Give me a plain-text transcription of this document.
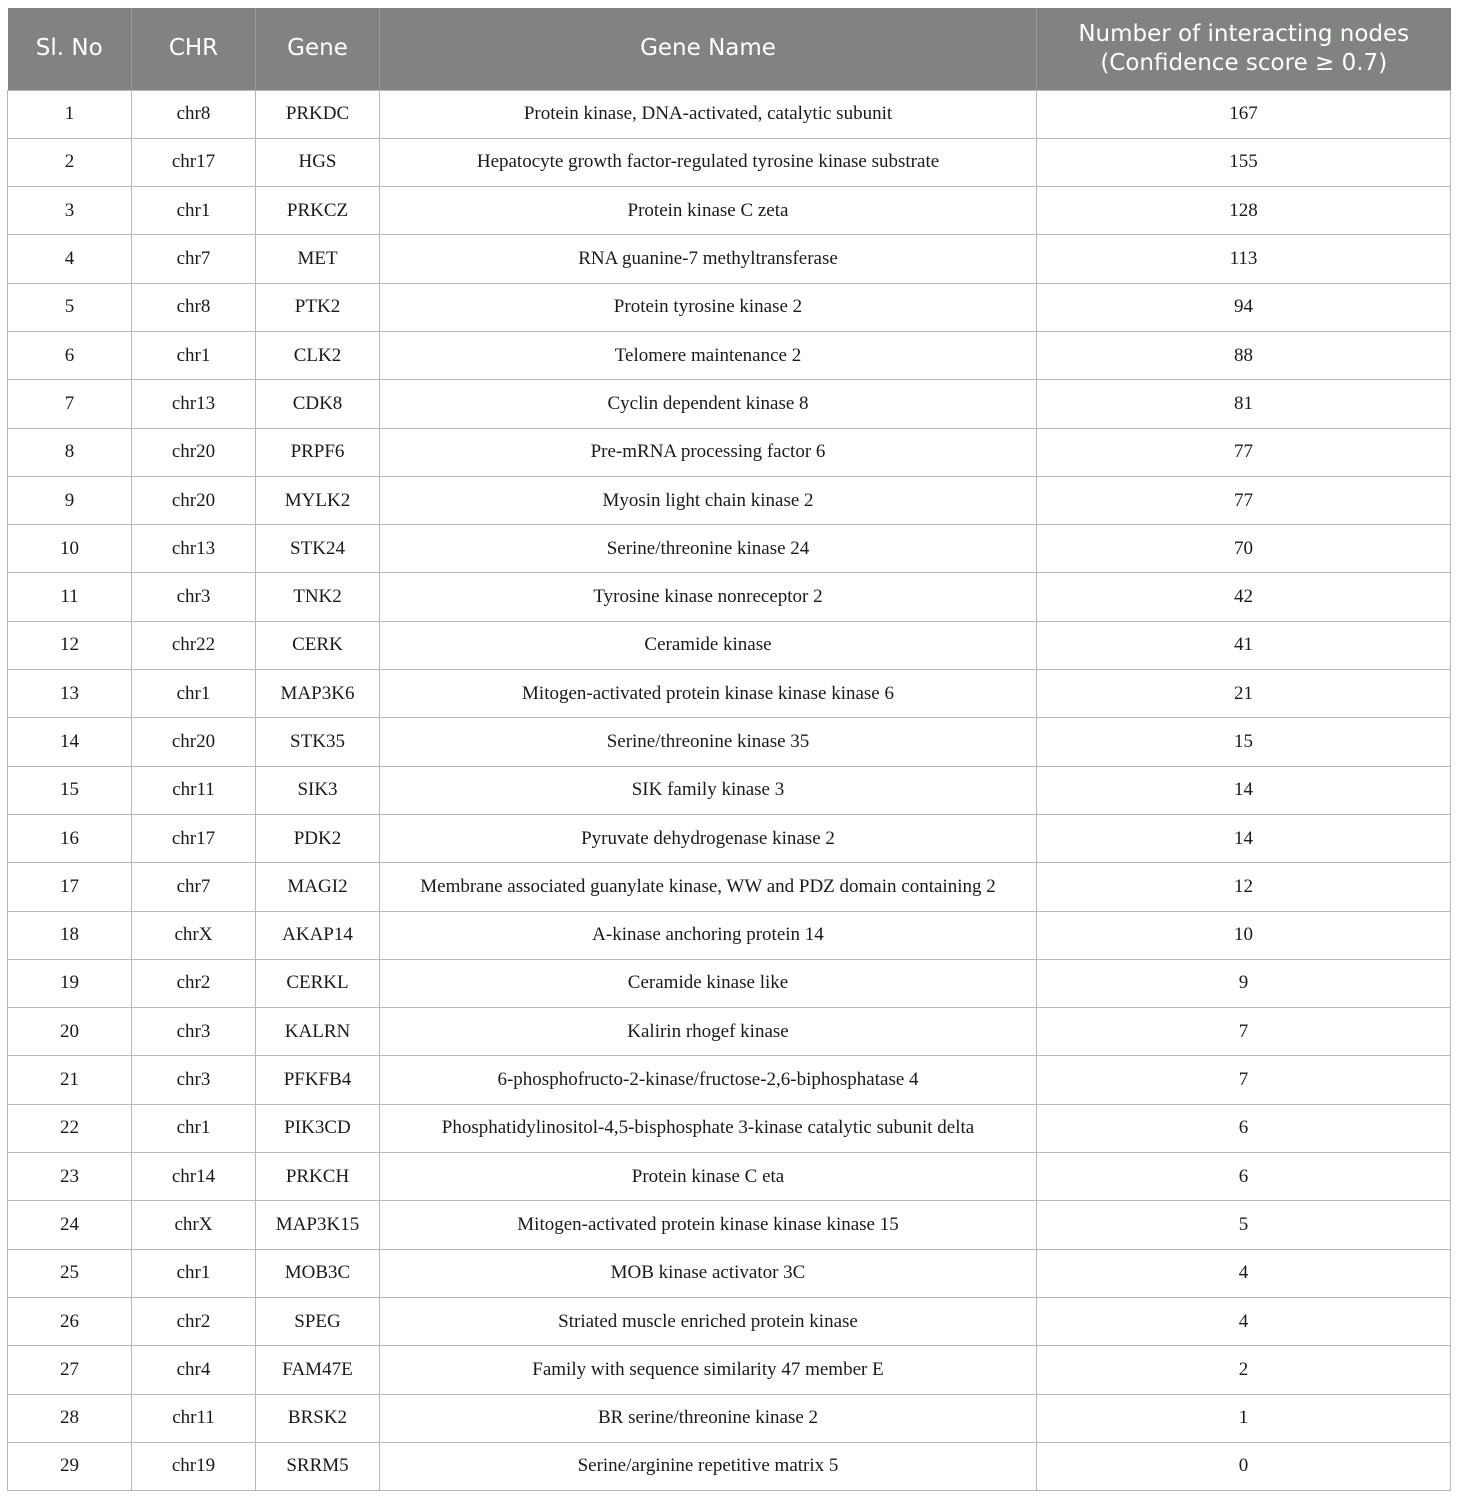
Sl. No	CHR	Gene	Gene Name	Number of interacting nodes
(Confidence score ≥ 0.7)
1	chr8	PRKDC	Protein kinase, DNA-activated, catalytic subunit	167
2	chr17	HGS	Hepatocyte growth factor-regulated tyrosine kinase substrate	155
3	chr1	PRKCZ	Protein kinase C zeta	128
4	chr7	MET	RNA guanine-7 methyltransferase	113
5	chr8	PTK2	Protein tyrosine kinase 2	94
6	chr1	CLK2	Telomere maintenance 2	88
7	chr13	CDK8	Cyclin dependent kinase 8	81
8	chr20	PRPF6	Pre-mRNA processing factor 6	77
9	chr20	MYLK2	Myosin light chain kinase 2	77
10	chr13	STK24	Serine/threonine kinase 24	70
11	chr3	TNK2	Tyrosine kinase nonreceptor 2	42
12	chr22	CERK	Ceramide kinase	41
13	chr1	MAP3K6	Mitogen-activated protein kinase kinase kinase 6	21
14	chr20	STK35	Serine/threonine kinase 35	15
15	chr11	SIK3	SIK family kinase 3	14
16	chr17	PDK2	Pyruvate dehydrogenase kinase 2	14
17	chr7	MAGI2	Membrane associated guanylate kinase, WW and PDZ domain containing 2	12
18	chrX	AKAP14	A-kinase anchoring protein 14	10
19	chr2	CERKL	Ceramide kinase like	9
20	chr3	KALRN	Kalirin rhogef kinase	7
21	chr3	PFKFB4	6-phosphofructo-2-kinase/fructose-2,6-biphosphatase 4	7
22	chr1	PIK3CD	Phosphatidylinositol-4,5-bisphosphate 3-kinase catalytic subunit delta	6
23	chr14	PRKCH	Protein kinase C eta	6
24	chrX	MAP3K15	Mitogen-activated protein kinase kinase kinase 15	5
25	chr1	MOB3C	MOB kinase activator 3C	4
26	chr2	SPEG	Striated muscle enriched protein kinase	4
27	chr4	FAM47E	Family with sequence similarity 47 member E	2
28	chr11	BRSK2	BR serine/threonine kinase 2	1
29	chr19	SRRM5	Serine/arginine repetitive matrix 5	0
